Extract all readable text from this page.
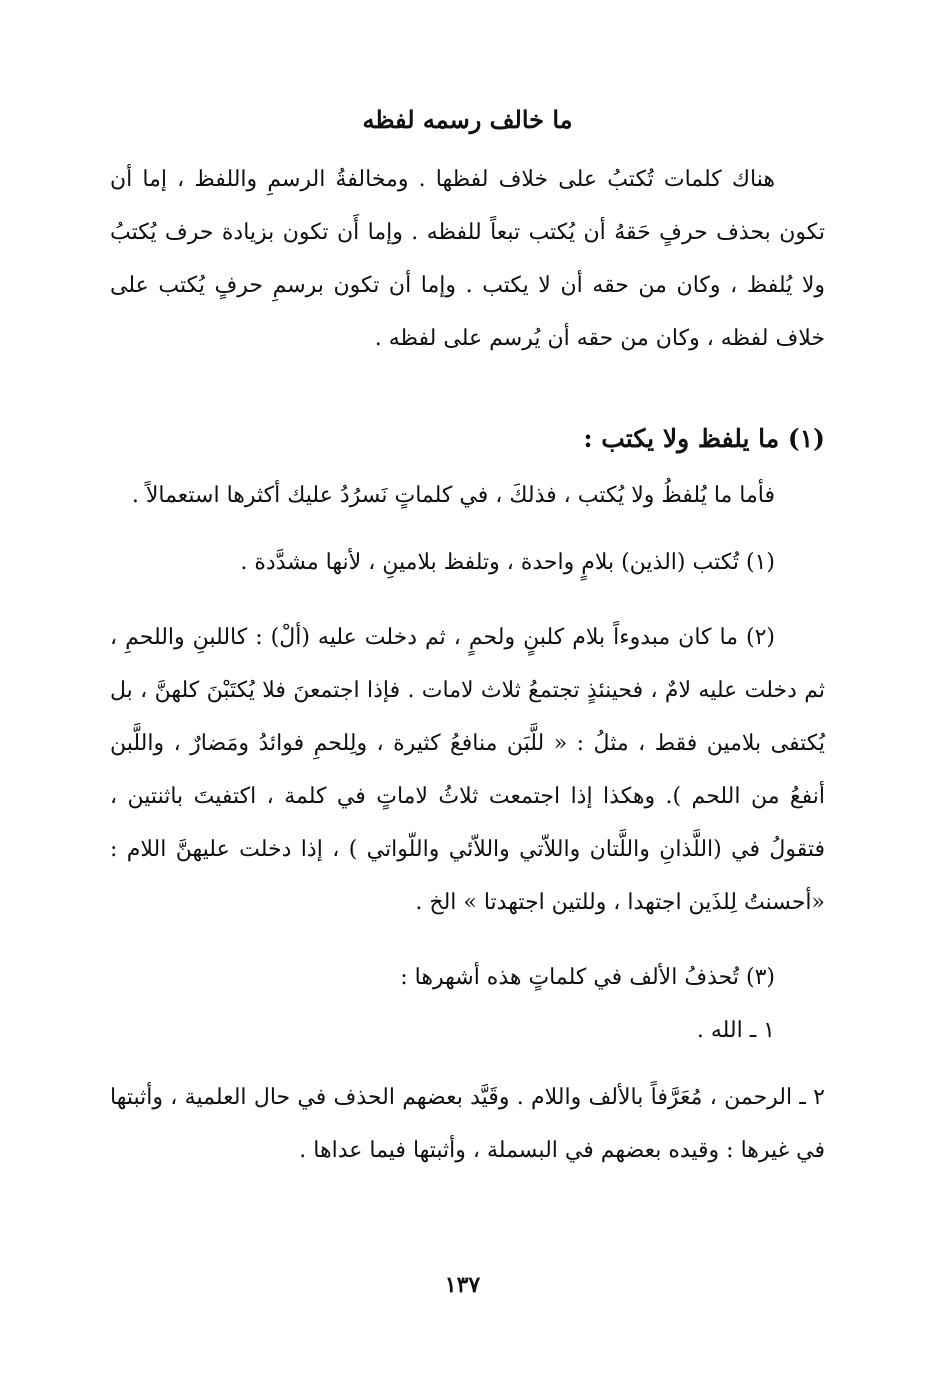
ما خالف رسمه لفظه

هناك كلمات تُكتبُ على خلاف لفظها . ومخالفةُ الرسمِ واللفظ ، إما أن تكون بحذف حرفٍ حَقهُ أن يُكتب تبعاً للفظه . وإما أَن تكون بزيادة حرف يُكتبُ ولا يُلفظ ، وكان من حقه أن لا يكتب . وإما أن تكون برسمِ حرفٍ يُكتب على خلاف لفظه ، وكان من حقه أن يُرسم على لفظه .

(١) ما يلفظ ولا يكتب :

فأما ما يُلفظُ ولا يُكتب ، فذلكَ ، في كلماتٍ نَسرُدُ عليك أكثرها استعمالاً .

(١) تُكتب (الذين) بلامٍ واحدة ، وتلفظ بلامينِ ، لأنها مشدَّدة .

(٢) ما كان مبدوءاً بلام كلبنٍ ولحمٍ ، ثم دخلت عليه (ألْ) : كاللبنِ واللحمِ ، ثم دخلت عليه لامٌ ، فحينئذٍ تجتمعُ ثلاث لامات . فإذا اجتمعنَ فلا يُكتَبْنَ كلهنَّ ، بل يُكتفى بلامين فقط ، مثلُ : « للَّبَن منافعُ كثيرة ، ولِلحمِ فوائدُ ومَضارٌ ، واللَّبن أنفعُ من اللحم ). وهكذا إذا اجتمعت ثلاثُ لاماتٍ في كلمة ، اكتفيتَ باثنتين ، فتقولُ في (اللَّذانِ واللَّتان واللاّتي واللاّئي واللّواتي ) ، إذا دخلت عليهنَّ اللام : «أحسنتُ لِلذَين اجتهدا ، وللتين اجتهدتا » الخ .

(٣) تُحذفُ الألف في كلماتٍ هذه أشهرها :

١ ـ الله .

٢ ـ الرحمن ، مُعَرَّفاً بالألف واللام . وقَيَّد بعضهم الحذف في حال العلمية ، وأثبتها في غيرها : وقيده بعضهم في البسملة ، وأثبتها فيما عداها .

١٣٧
